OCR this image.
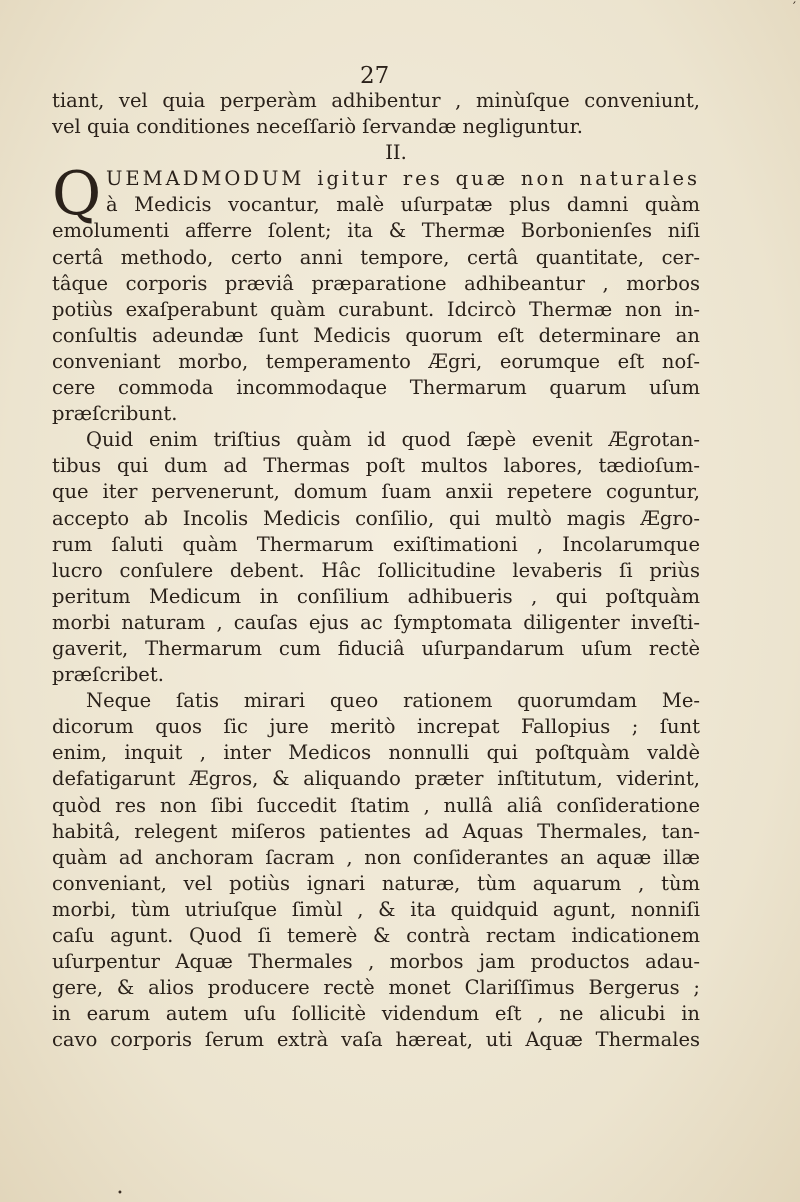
27
tiant, vel quia perperàm adhibentur , minùſque conveniunt,
vel quia conditiones neceſſariò ſervandæ negliguntur.
II.
Q UEMADMODUM igitur res quæ non naturales
à Medicis vocantur, malè uſurpatæ plus damni quàm
emolumenti afferre ſolent; ita & Thermæ Borbonienſes niſi
certâ methodo, certo anni tempore, certâ quantitate, cer-
tâque corporis præviâ præparatione adhibeantur , morbos
potiùs exaſperabunt quàm curabunt. Idcircò Thermæ non in-
conſultis adeundæ ſunt Medicis quorum eſt determinare an
conveniant morbo, temperamento Ægri, eorumque eſt noſ-
cere commoda incommodaque Thermarum quarum uſum
præſcribunt.
Quid enim triſtius quàm id quod ſæpè evenit Ægrotan-
tibus qui dum ad Thermas poſt multos labores, tædioſum-
que iter pervenerunt, domum ſuam anxii repetere coguntur,
accepto ab Incolis Medicis conſilio, qui multò magis Ægro-
rum ſaluti quàm Thermarum exiſtimationi , Incolarumque
lucro conſulere debent. Hâc ſollicitudine levaberis ſi priùs
peritum Medicum in conſilium adhibueris , qui poſtquàm
morbi naturam , cauſas ejus ac ſymptomata diligenter inveſti-
gaverit, Thermarum cum fiduciâ uſurpandarum uſum rectè
præſcribet.
Neque ſatis mirari queo rationem quorumdam Me-
dicorum quos ſic jure meritò increpat Fallopius ; ſunt
enim, inquit , inter Medicos nonnulli qui poſtquàm valdè
defatigarunt Ægros, & aliquando præter inſtitutum, viderint,
quòd res non ſibi ſuccedit ſtatim , nullâ aliâ conſideratione
habitâ, relegent miſeros patientes ad Aquas Thermales, tan-
quàm ad anchoram ſacram , non conſiderantes an aquæ illæ
conveniant, vel potiùs ignari naturæ, tùm aquarum , tùm
morbi, tùm utriuſque ſimùl , & ita quidquid agunt, nonniſi
caſu agunt. Quod ſi temerè & contrà rectam indicationem
uſurpentur Aquæ Thermales , morbos jam productos adau-
gere, & alios producere rectè monet Clariſſimus Bergerus ;
in earum autem uſu ſollicitè videndum eſt , ne alicubi in
cavo corporis ſerum extrà vaſa hæreat, uti Aquæ Thermales
′
•
